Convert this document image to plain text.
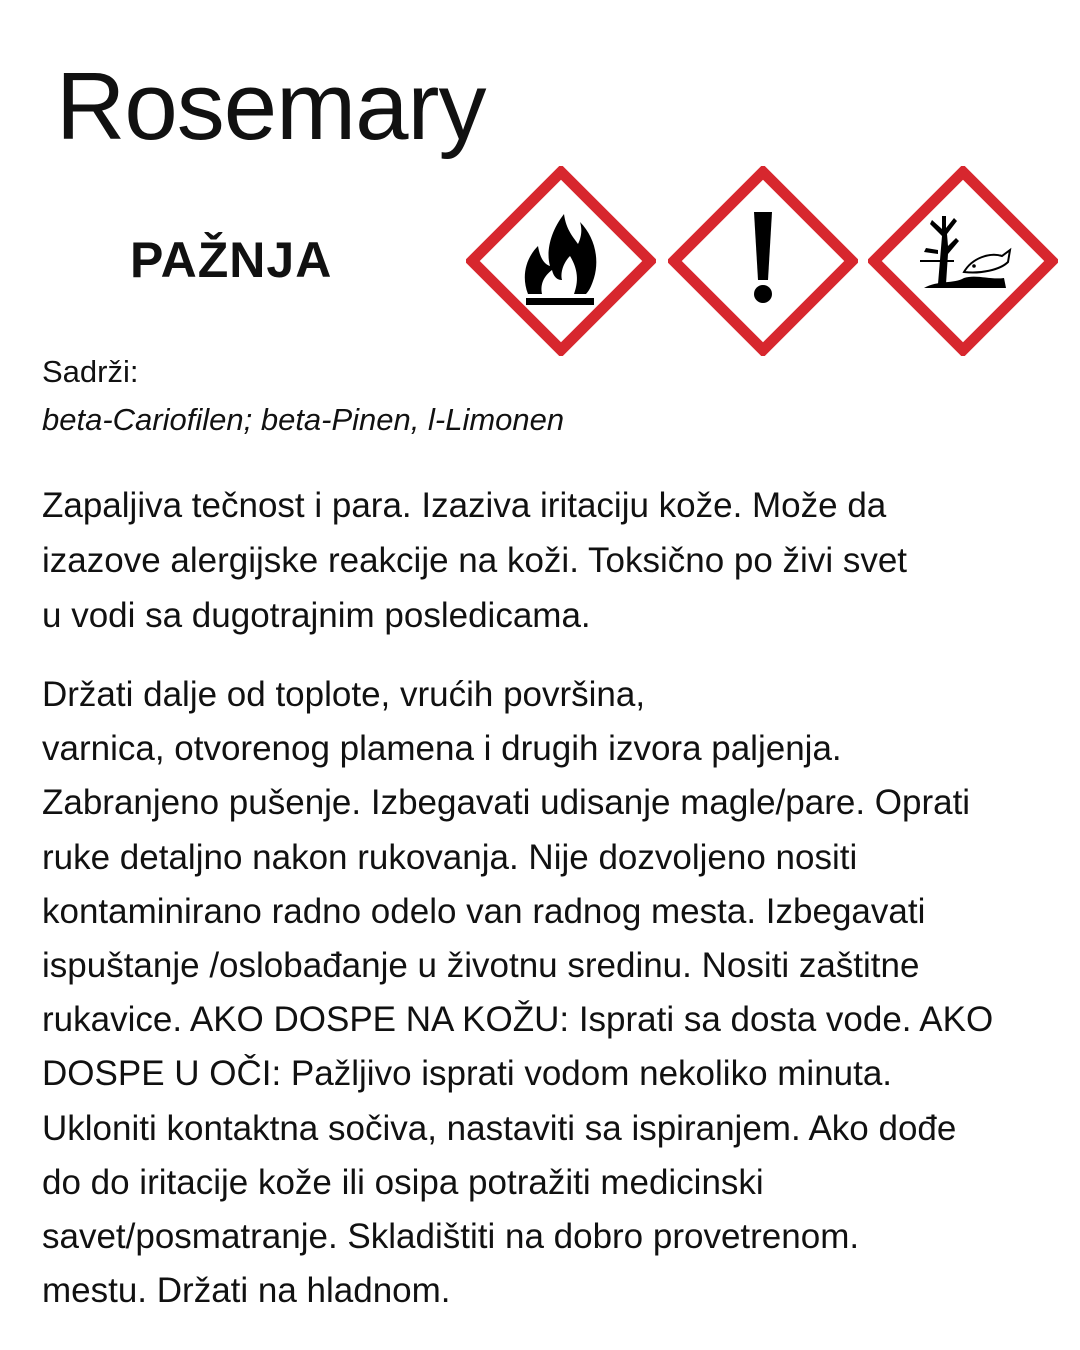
Rosemary
PAŽNJA
Sadrži:
beta-Cariofilen; beta-Pinen, l-Limonen

Zapaljiva tečnost i para. Izaziva iritaciju kože. Može da
izazove alergijske reakcije na koži. Toksično po živi svet
u vodi sa dugotrajnim posledicama.

Držati dalje od toplote, vrućih površina,
varnica, otvorenog plamena i drugih izvora paljenja.
Zabranjeno pušenje. Izbegavati udisanje magle/pare. Oprati
ruke detaljno nakon rukovanja. Nije dozvoljeno nositi
kontaminirano radno odelo van radnog mesta. Izbegavati
ispuštanje /oslobađanje u životnu sredinu. Nositi zaštitne
rukavice. AKO DOSPE NA KOŽU: Isprati sa dosta vode. AKO
DOSPE U OČI: Pažljivo isprati vodom nekoliko minuta.
Ukloniti kontaktna sočiva, nastaviti sa ispiranjem. Ako dođe
do do iritacije kože ili osipa potražiti medicinski
savet/posmatranje. Skladištiti na dobro provetrenom.
mestu. Držati na hladnom.
